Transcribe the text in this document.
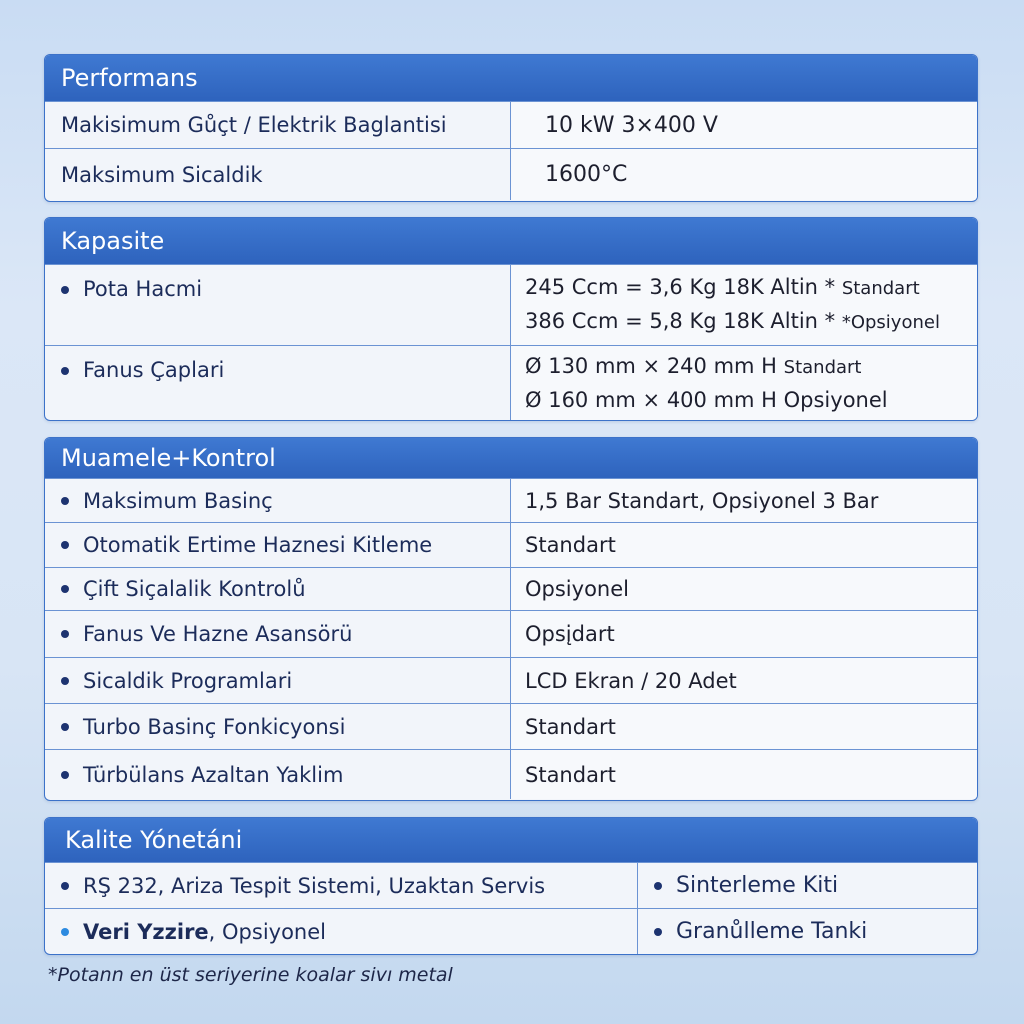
Performans
Makisimum Gůçt / Elektrik Baglantisi	10 kW 3×400 V
Maksimum Sicaldik	1600°C
Kapasite
Pota Hacmi	245 Ccm = 3,6 Kg 18K Altin * Standart
386 Ccm = 5,8 Kg 18K Altin * *Opsiyonel
Fanus Çaplari	Ø 130 mm × 240 mm H Standart
Ø 160 mm × 400 mm H Opsiyonel
Muamele+Kontrol
Maksimum Basinç	1,5 Bar Standart, Opsiyonel 3 Bar
Otomatik Ertime Haznesi Kitleme	Standart
Çift Siçalalik Kontrolů	Opsiyonel
Fanus Ve Hazne Asansörü	Opsįdart
Sicaldik Programlari	LCD Ekran / 20 Adet
Turbo Basinç Fonkicyonsi	Standart
Türbülans Azaltan Yaklim	Standart
Kalite Yónetáni
RŞ 232, Ariza Tespit Sistemi, Uzaktan Servis	Sinterleme Kiti
Veri Yzzire , Opsiyonel	Granůlleme Tanki
*Potann en üst seriyerine koalar sivı metal
